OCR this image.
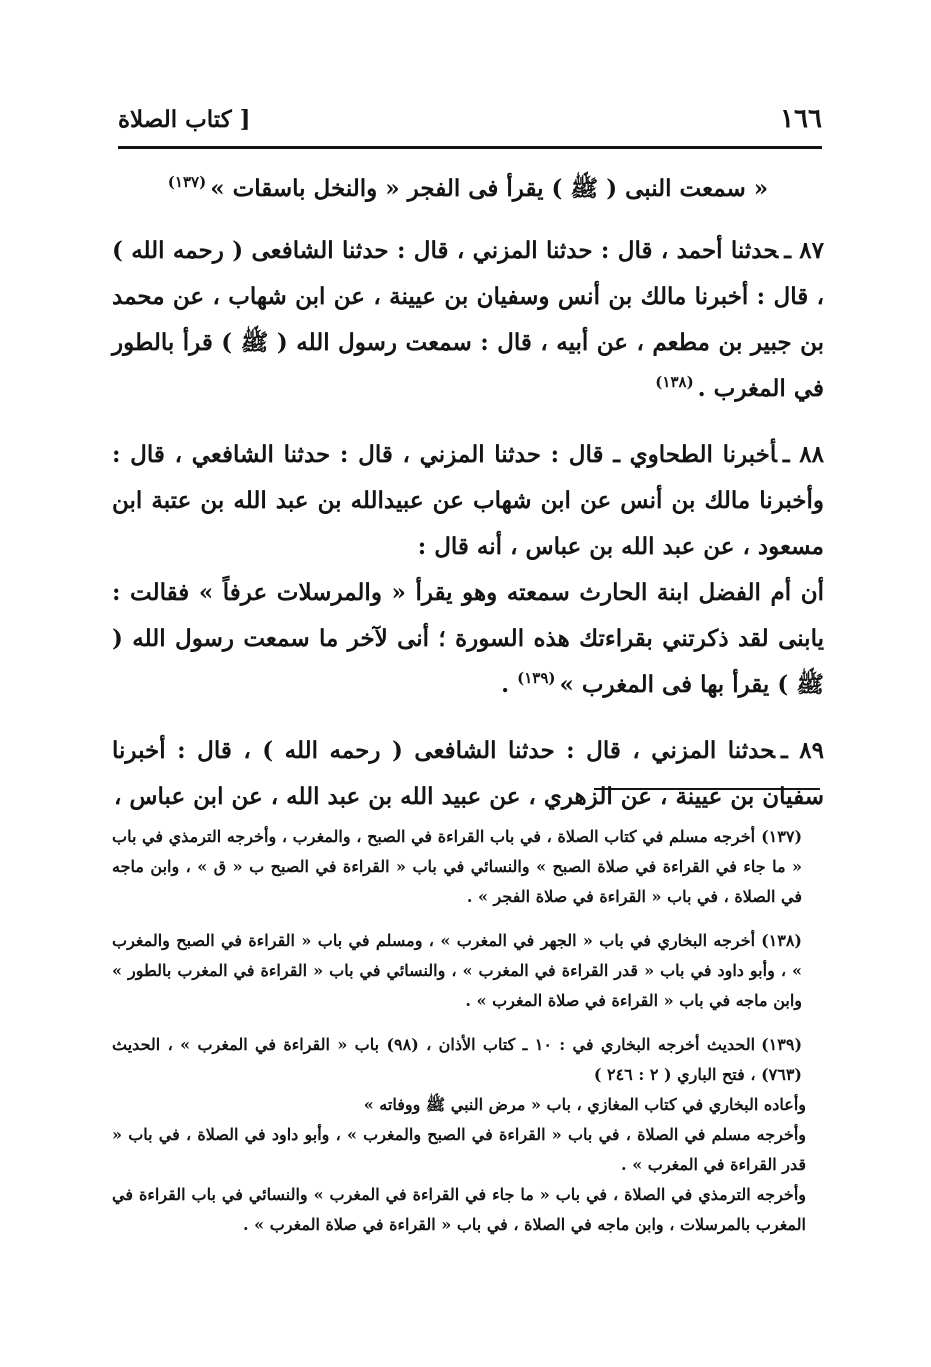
١٦٦
[ كتاب الصلاة

« سمعت النبى ( ﷺ ) يقرأ فى الفجر « والنخل باسقات »$^{(١٣٧)}$

٨٧ ـحدثنا أحمد ، قال : حدثنا المزني ، قال : حدثنا الشافعى ( رحمه الله ) ، قال : أخبرنا مالك بن أنس وسفيان بن عيينة ، عن ابن شهاب ، عن محمد بن جبير بن مطعم ، عن أبيه ، قال : سمعت رسول الله ( ﷺ ) قرأ بالطور في المغرب .$^{(١٣٨)}$

٨٨ ـأخبرنا الطحاوي ـ قال : حدثنا المزني ، قال : حدثنا الشافعي ، قال : وأخبرنا مالك بن أنس عن ابن شهاب عن عبيدالله بن عبد الله بن عتبة ابن مسعود ، عن عبد الله بن عباس ، أنه قال :
أن أم الفضل ابنة الحارث سمعته وهو يقرأ « والمرسلات عرفاً » فقالت : يابنى لقد ذكرتني بقراءتك هذه السورة ؛ أنى لآخر ما سمعت رسول الله ( ﷺ ) يقرأ بها فى المغرب »$^{(١٣٩)}$ .

٨٩ ـحدثنا المزني ، قال : حدثنا الشافعى ( رحمه الله ) ، قال : أخبرنا سفيان بن عيينة ، عن الزهري ، عن عبيد الله بن عبد الله ، عن ابن عباس ،

(١٣٧)أخرجه مسلم في كتاب الصلاة ، في باب القراءة في الصبح ، والمغرب ، وأخرجه الترمذي في باب « ما جاء في القراءة في صلاة الصبح » والنسائي في باب « القراءة في الصبح ب « ق » ، وابن ماجه في الصلاة ، في باب « القراءة في صلاة الفجر » .

(١٣٨)أخرجه البخاري في باب « الجهر في المغرب » ، ومسلم في باب « القراءة في الصبح والمغرب » ، وأبو داود في باب « قدر القراءة في المغرب » ، والنسائي في باب « القراءة في المغرب بالطور » وابن ماجه في باب « القراءة في صلاة المغرب » .

(١٣٩)الحديث أخرجه البخاري في : ١٠ ـ كتاب الأذان ، (٩٨) باب « القراءة في المغرب » ، الحديث (٧٦٣) ، فتح الباري ( ٢ : ٢٤٦ )

وأعاده البخاري في كتاب المغازي ، باب « مرض النبي ﷺ ووفاته »

وأخرجه مسلم في الصلاة ، في باب « القراءة في الصبح والمغرب » ، وأبو داود في الصلاة ، في باب « قدر القراءة في المغرب » .

وأخرجه الترمذي في الصلاة ، في باب « ما جاء في القراءة في المغرب » والنسائي في باب القراءة في المغرب بالمرسلات ، وابن ماجه في الصلاة ، في باب « القراءة في صلاة المغرب » .
